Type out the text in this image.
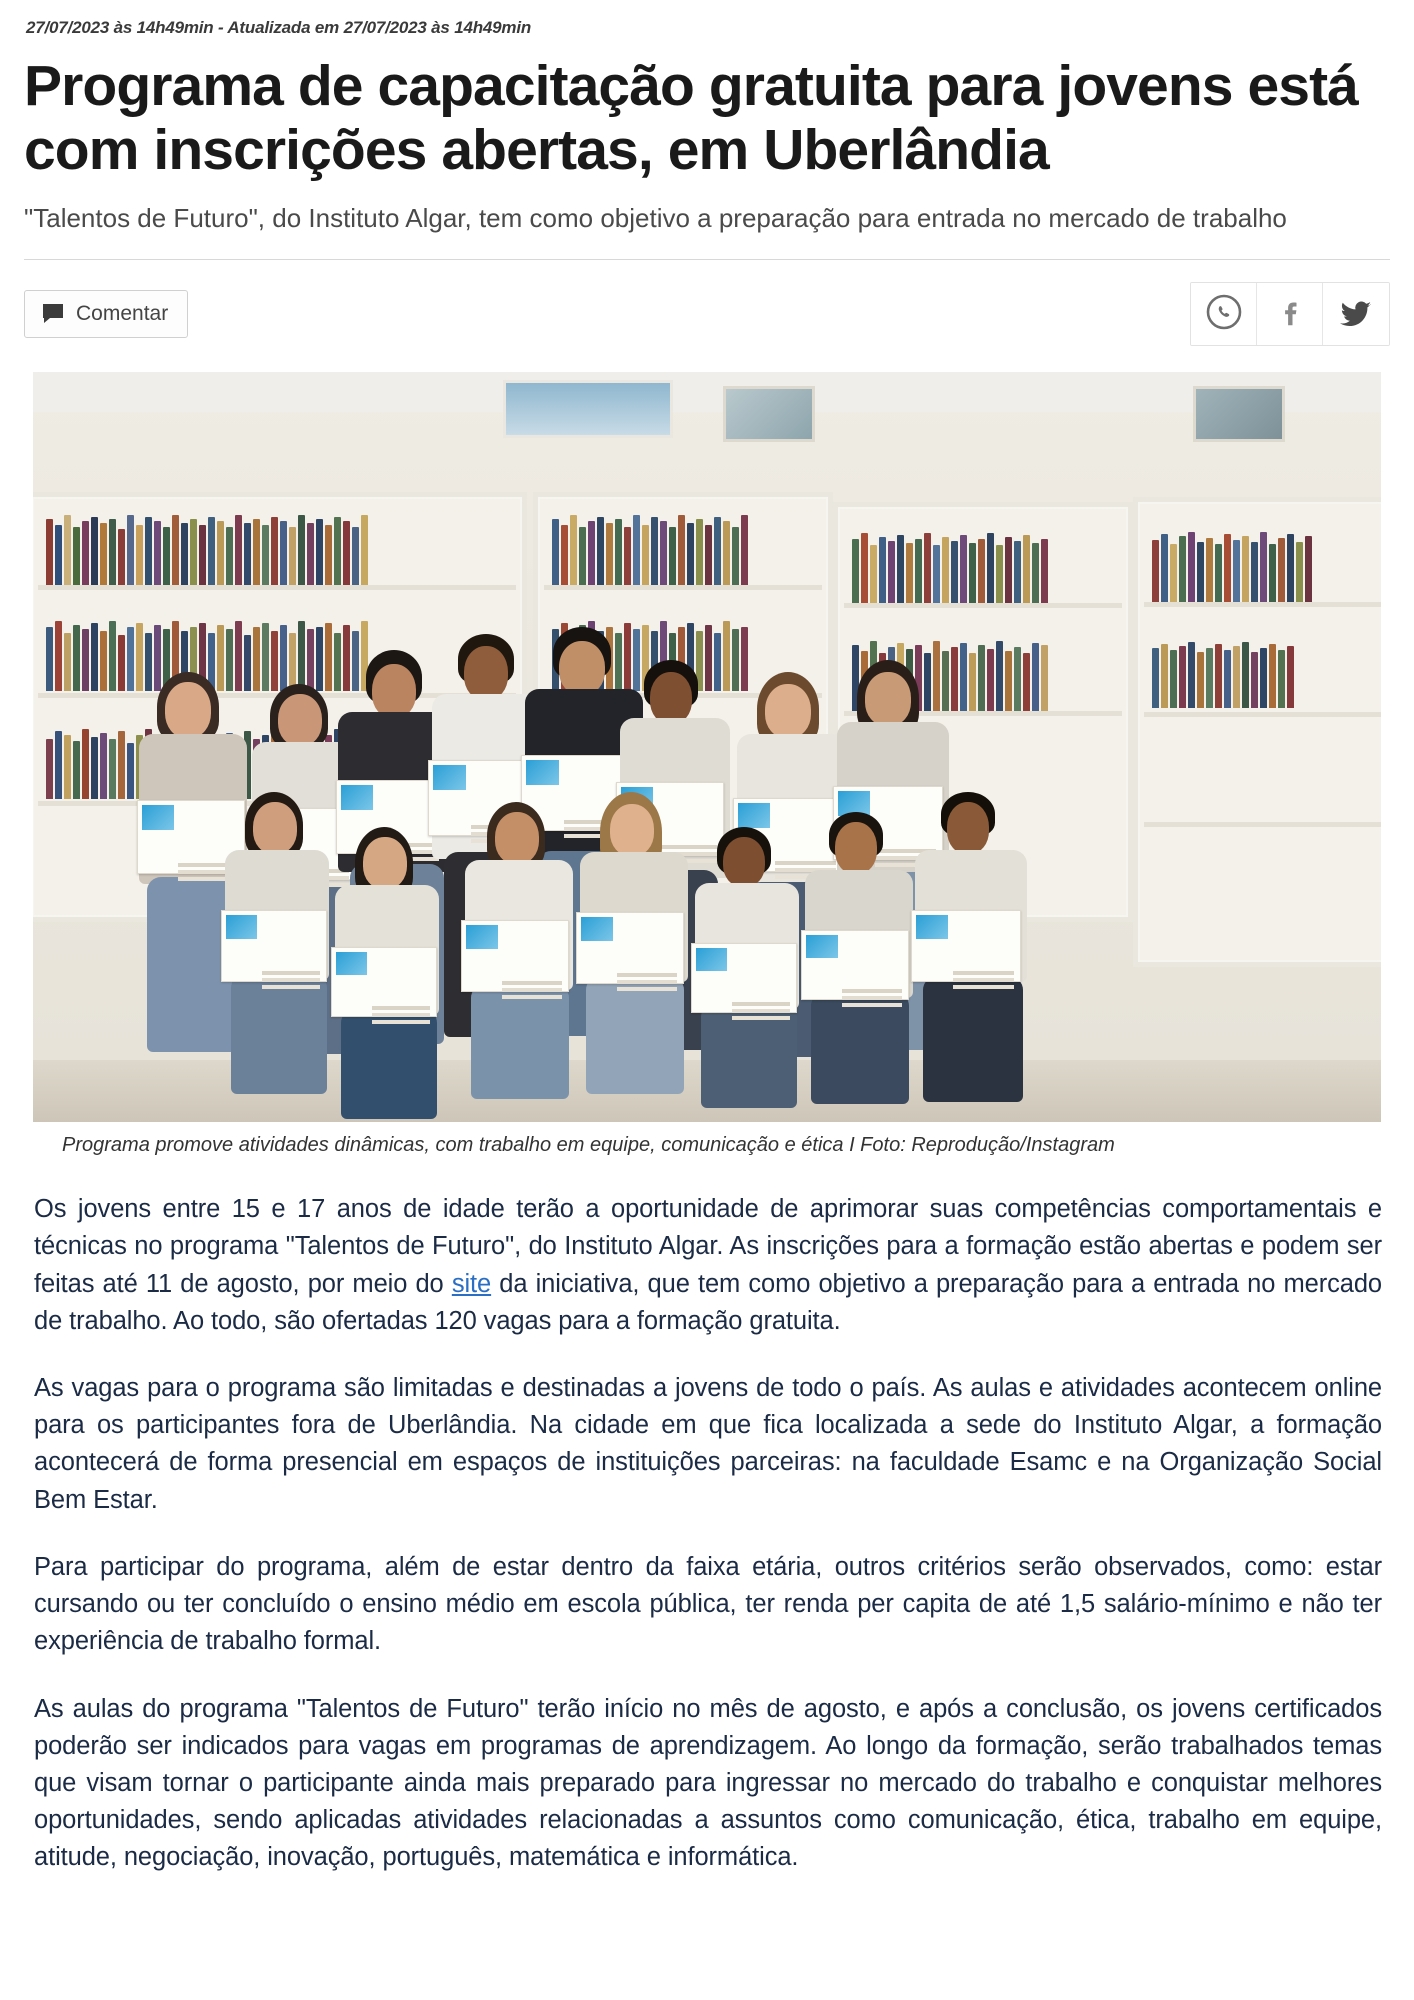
27/07/2023 às 14h49min - Atualizada em 27/07/2023 às 14h49min
Programa de capacitação gratuita para jovens está com inscrições abertas, em Uberlândia
"Talentos de Futuro", do Instituto Algar, tem como objetivo a preparação para entrada no mercado de trabalho
Comentar
Programa promove atividades dinâmicas, com trabalho em equipe, comunicação e ética I Foto: Reprodução/Instagram

Os jovens entre 15 e 17 anos de idade terão a oportunidade de aprimorar suas competências comportamentais e técnicas no programa "Talentos de Futuro", do Instituto Algar. As inscrições para a formação estão abertas e podem ser feitas até 11 de agosto, por meio do site da iniciativa, que tem como objetivo a preparação para a entrada no mercado de trabalho. Ao todo, são ofertadas 120 vagas para a formação gratuita.

As vagas para o programa são limitadas e destinadas a jovens de todo o país. As aulas e atividades acontecem online para os participantes fora de Uberlândia. Na cidade em que fica localizada a sede do Instituto Algar, a formação acontecerá de forma presencial em espaços de instituições parceiras: na faculdade Esamc e na Organização Social Bem Estar.

Para participar do programa, além de estar dentro da faixa etária, outros critérios serão observados, como: estar cursando ou ter concluído o ensino médio em escola pública, ter renda per capita de até 1,5 salário-mínimo e não ter experiência de trabalho formal.

As aulas do programa "Talentos de Futuro" terão início no mês de agosto, e após a conclusão, os jovens certificados poderão ser indicados para vagas em programas de aprendizagem. Ao longo da formação, serão trabalhados temas que visam tornar o participante ainda mais preparado para ingressar no mercado do trabalho e conquistar melhores oportunidades, sendo aplicadas atividades relacionadas a assuntos como comunicação, ética, trabalho em equipe, atitude, negociação, inovação, português, matemática e informática.
